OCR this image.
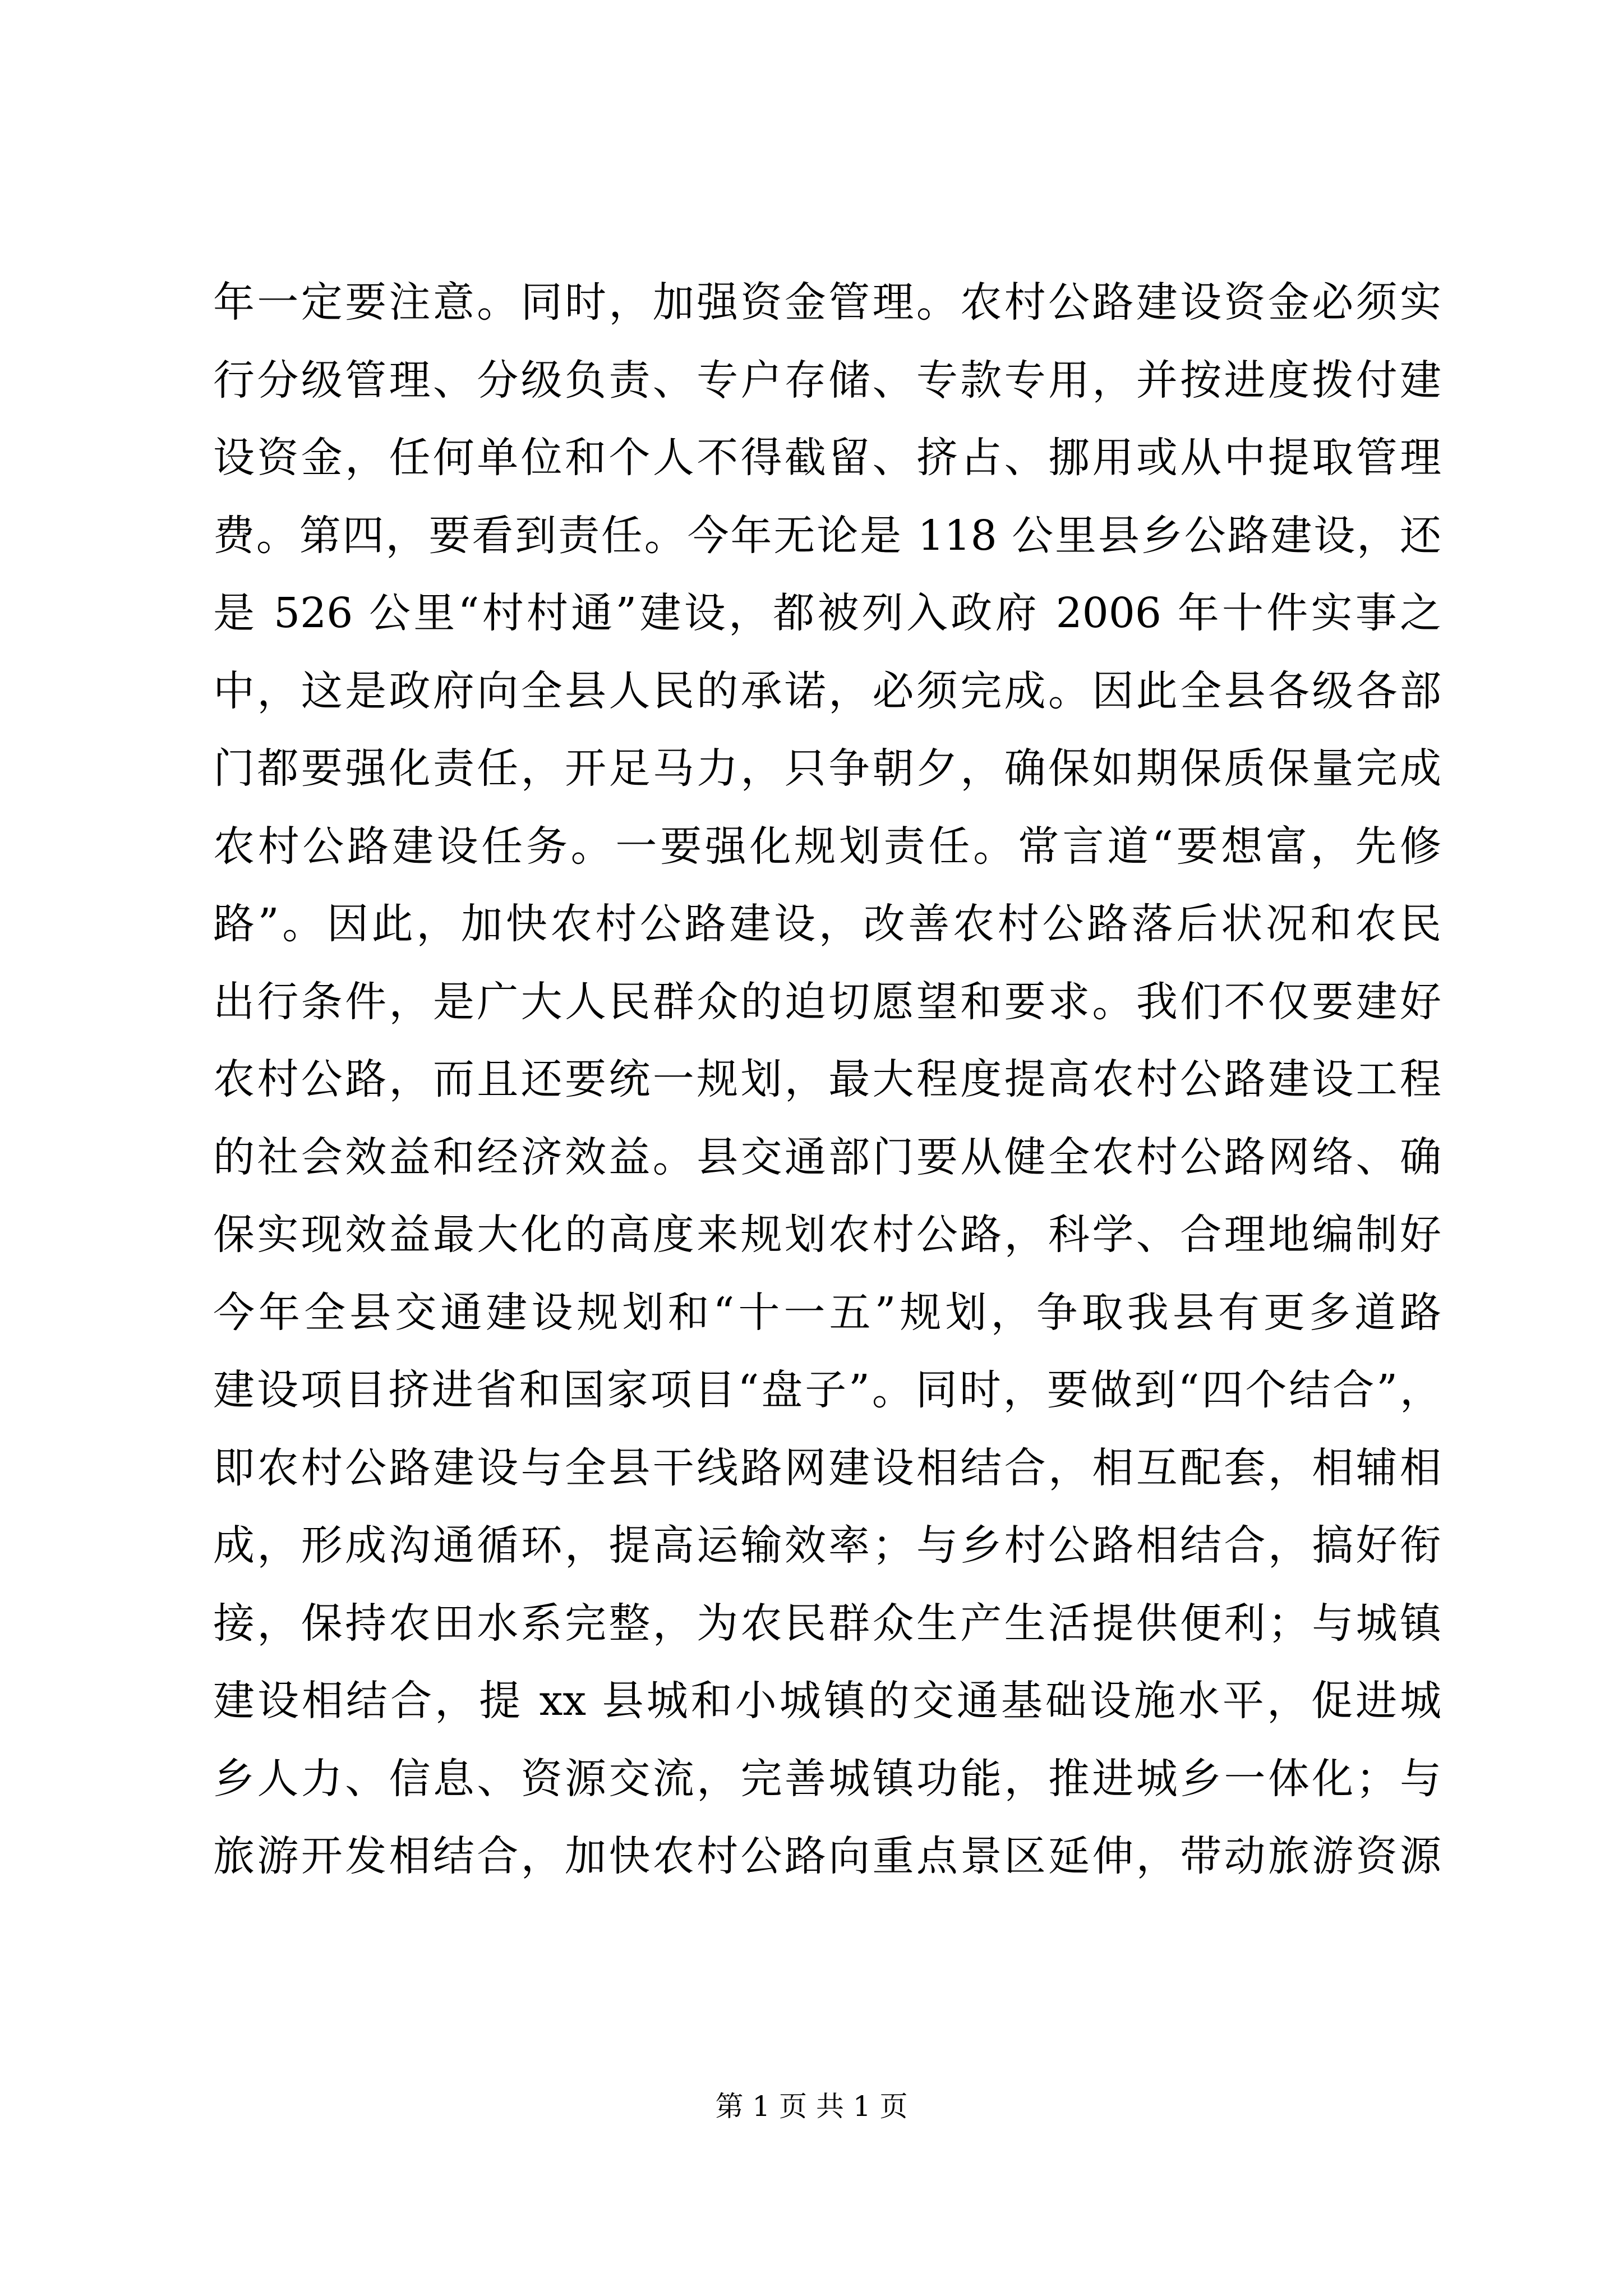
年一定要注意。同时，加强资金管理。农村公路建设资金必须实
行分级管理、分级负责、专户存储、专款专用，并按进度拨付建
设资金，任何单位和个人不得截留、挤占、挪用或从中提取管理
费。第四，要看到责任。今年无论是 118 公里县乡公路建设，还
是 526 公里“村村通”建设，都被列入政府 2006 年十件实事之
中，这是政府向全县人民的承诺，必须完成。因此全县各级各部
门都要强化责任，开足马力，只争朝夕，确保如期保质保量完成
农村公路建设任务。一要强化规划责任。常言道“要想富，先修
路”。因此，加快农村公路建设，改善农村公路落后状况和农民
出行条件，是广大人民群众的迫切愿望和要求。我们不仅要建好
农村公路，而且还要统一规划，最大程度提高农村公路建设工程
的社会效益和经济效益。县交通部门要从健全农村公路网络、确
保实现效益最大化的高度来规划农村公路，科学、合理地编制好
今年全县交通建设规划和“十一五”规划，争取我县有更多道路
建设项目挤进省和国家项目“盘子”。同时，要做到“四个结合”，
即农村公路建设与全县干线路网建设相结合，相互配套，相辅相
成，形成沟通循环，提高运输效率；与乡村公路相结合，搞好衔
接，保持农田水系完整，为农民群众生产生活提供便利；与城镇
建设相结合，提 xx 县城和小城镇的交通基础设施水平，促进城
乡人力、信息、资源交流，完善城镇功能，推进城乡一体化；与
旅游开发相结合，加快农村公路向重点景区延伸，带动旅游资源
第 1 页 共 1 页
